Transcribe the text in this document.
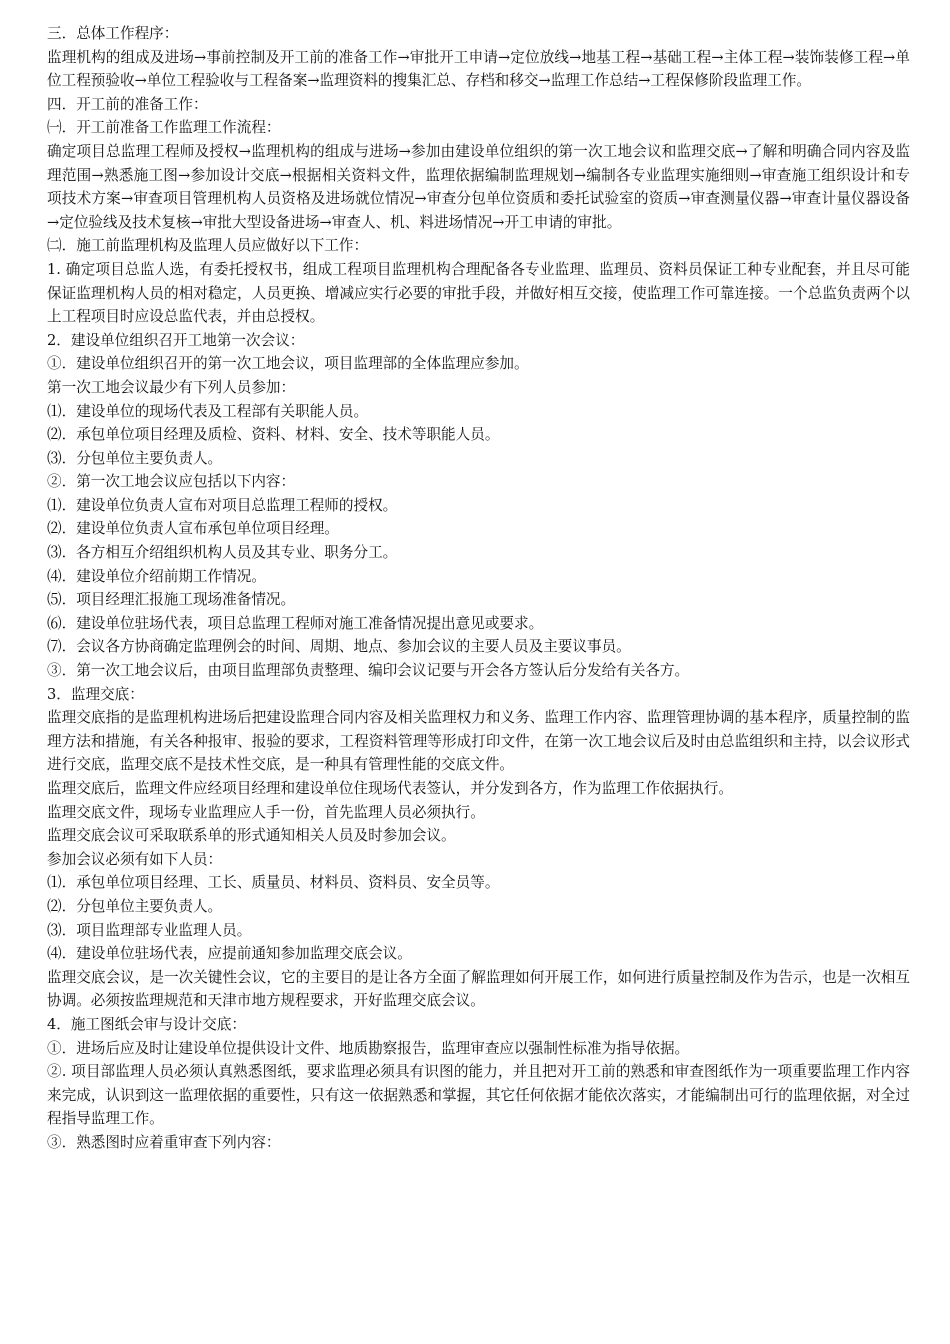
三．总体工作程序：
监理机构的组成及进场→事前控制及开工前的准备工作→审批开工申请→定位放线→地基工程→基础工程→主体工程→装饰装修工程→单位工程预验收→单位工程验收与工程备案→监理资料的搜集汇总、存档和移交→监理工作总结→工程保修阶段监理工作。
四．开工前的准备工作：
㈠．开工前准备工作监理工作流程：
确定项目总监理工程师及授权→监理机构的组成与进场→参加由建设单位组织的第一次工地会议和监理交底→了解和明确合同内容及监理范围→熟悉施工图→参加设计交底→根据相关资料文件，监理依据编制监理规划→编制各专业监理实施细则→审查施工组织设计和专项技术方案→审查项目管理机构人员资格及进场就位情况→审查分包单位资质和委托试验室的资质→审查测量仪器→审查计量仪器设备→定位验线及技术复核→审批大型设备进场→审查人、机、料进场情况→开工申请的审批。
㈡．施工前监理机构及监理人员应做好以下工作：
1. 确定项目总监人选，有委托授权书，组成工程项目监理机构合理配备各专业监理、监理员、资料员保证工种专业配套，并且尽可能保证监理机构人员的相对稳定，人员更换、增减应实行必要的审批手段，并做好相互交接，使监理工作可靠连接。一个总监负责两个以上工程项目时应设总监代表，并由总授权。
2．建设单位组织召开工地第一次会议：
①．建设单位组织召开的第一次工地会议，项目监理部的全体监理应参加。
第一次工地会议最少有下列人员参加：
⑴．建设单位的现场代表及工程部有关职能人员。
⑵．承包单位项目经理及质检、资料、材料、安全、技术等职能人员。
⑶．分包单位主要负责人。
②．第一次工地会议应包括以下内容：
⑴．建设单位负责人宣布对项目总监理工程师的授权。
⑵．建设单位负责人宣布承包单位项目经理。
⑶．各方相互介绍组织机构人员及其专业、职务分工。
⑷．建设单位介绍前期工作情况。
⑸．项目经理汇报施工现场准备情况。
⑹．建设单位驻场代表，项目总监理工程师对施工准备情况提出意见或要求。
⑺．会议各方协商确定监理例会的时间、周期、地点、参加会议的主要人员及主要议事员。
③．第一次工地会议后，由项目监理部负责整理、编印会议记要与开会各方签认后分发给有关各方。
3．监理交底：
监理交底指的是监理机构进场后把建设监理合同内容及相关监理权力和义务、监理工作内容、监理管理协调的基本程序，质量控制的监理方法和措施，有关各种报审、报验的要求，工程资料管理等形成打印文件，在第一次工地会议后及时由总监组织和主持，以会议形式进行交底，监理交底不是技术性交底，是一种具有管理性能的交底文件。
监理交底后，监理文件应经项目经理和建设单位住现场代表签认，并分发到各方，作为监理工作依据执行。
监理交底文件，现场专业监理应人手一份，首先监理人员必须执行。
监理交底会议可采取联系单的形式通知相关人员及时参加会议。
参加会议必须有如下人员：
⑴．承包单位项目经理、工长、质量员、材料员、资料员、安全员等。
⑵．分包单位主要负责人。
⑶．项目监理部专业监理人员。
⑷．建设单位驻场代表，应提前通知参加监理交底会议。
监理交底会议，是一次关键性会议，它的主要目的是让各方全面了解监理如何开展工作，如何进行质量控制及作为告示，也是一次相互协调。必须按监理规范和天津市地方规程要求，开好监理交底会议。
4．施工图纸会审与设计交底：
①．进场后应及时让建设单位提供设计文件、地质勘察报告，监理审查应以强制性标准为指导依据。
②. 项目部监理人员必须认真熟悉图纸，要求监理必须具有识图的能力，并且把对开工前的熟悉和审查图纸作为一项重要监理工作内容来完成，认识到这一监理依据的重要性，只有这一依据熟悉和掌握，其它任何依据才能依次落实，才能编制出可行的监理依据，对全过程指导监理工作。
③．熟悉图时应着重审查下列内容：
